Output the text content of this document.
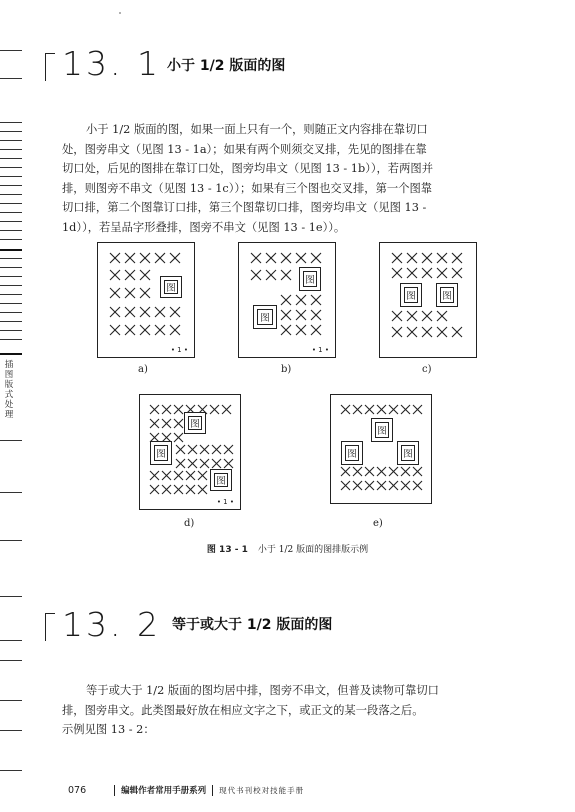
插图版式处理
13. 1 小于 1/2 版面的图

小于 1/2 版面的图，如果一面上只有一个，则随正文内容排在靠切口

处，图旁串文（见图 13 - 1a）；如果有两个则须交叉排，先见的图排在靠

切口处，后见的图排在靠订口处，图旁均串文（见图 13 - 1b）），若两图并

排，则图旁不串文（见图 13 - 1c））；如果有三个图也交叉排，第一个图靠

切口排，第二个图靠订口排，第三个图靠切口排，图旁均串文（见图 13 -

1d）），若呈品字形叠排，图旁不串文（见图 13 - 1e））。

图
• 1 •
a)
图
图
• 1 •
b)
图	图
c)
图
图
图
• 1 •
d)
图
图	图
e)
图 13 - 1 小于 1/2 版面的图排版示例
13. 2 等于或大于 1/2 版面的图

等于或大于 1/2 版面的图均居中排，图旁不串文，但普及读物可靠切口

排，图旁串文。此类图最好放在相应文字之下，或正文的某一段落之后。

示例见图 13 - 2：

076	编辑作者常用手册系列 现代书刊校对技能手册
